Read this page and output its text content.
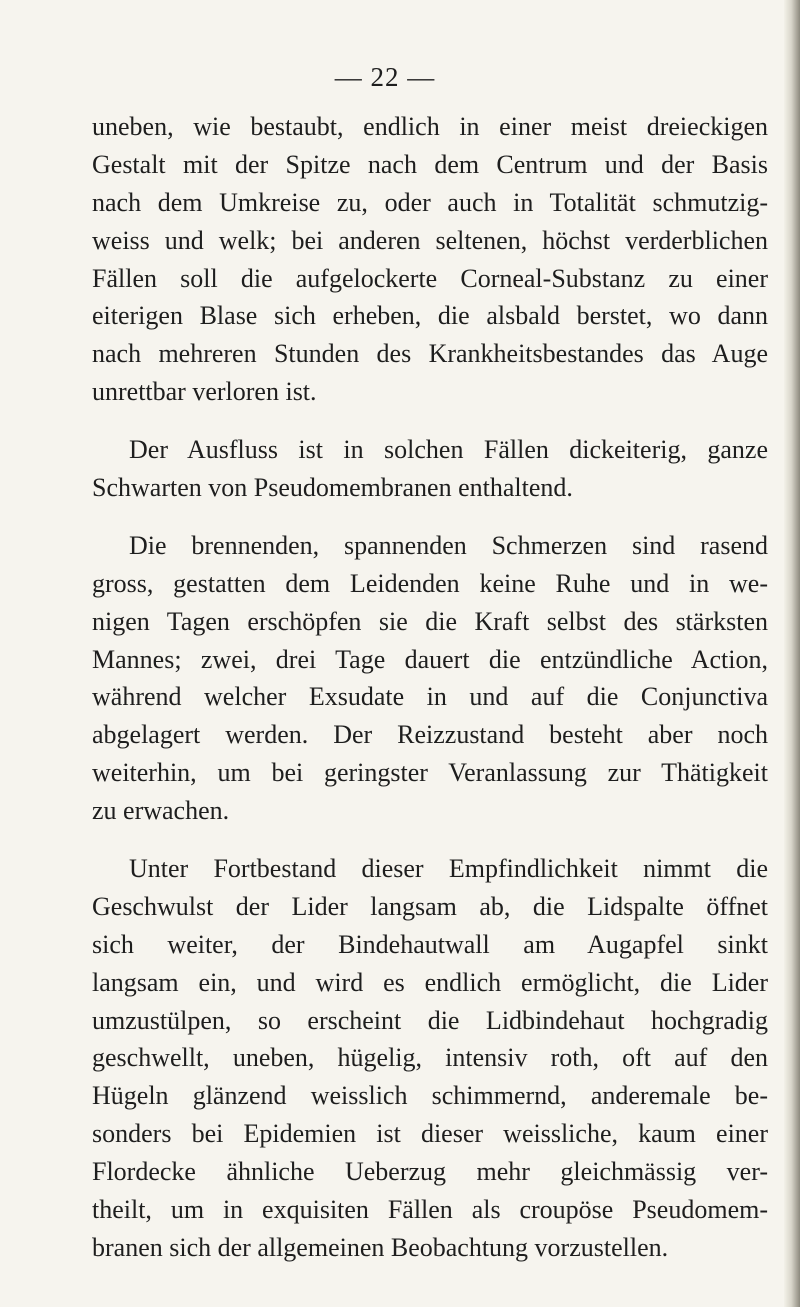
— 22 —
uneben, wie bestaubt, endlich in einer meist dreieckigen
Gestalt mit der Spitze nach dem Centrum und der Basis
nach dem Umkreise zu, oder auch in Totalität schmutzig-
weiss und welk; bei anderen seltenen, höchst verderblichen
Fällen soll die aufgelockerte Corneal-Substanz zu einer
eiterigen Blase sich erheben, die alsbald berstet, wo dann
nach mehreren Stunden des Krankheitsbestandes das Auge
unrettbar verloren ist.
Der Ausfluss ist in solchen Fällen dickeiterig, ganze
Schwarten von Pseudomembranen enthaltend.
Die brennenden, spannenden Schmerzen sind rasend
gross, gestatten dem Leidenden keine Ruhe und in we-
nigen Tagen erschöpfen sie die Kraft selbst des stärksten
Mannes; zwei, drei Tage dauert die entzündliche Action,
während welcher Exsudate in und auf die Conjunctiva
abgelagert werden. Der Reizzustand besteht aber noch
weiterhin, um bei geringster Veranlassung zur Thätigkeit
zu erwachen.
Unter Fortbestand dieser Empfindlichkeit nimmt die
Geschwulst der Lider langsam ab, die Lidspalte öffnet
sich weiter, der Bindehautwall am Augapfel sinkt
langsam ein, und wird es endlich ermöglicht, die Lider
umzustülpen, so erscheint die Lidbindehaut hochgradig
geschwellt, uneben, hügelig, intensiv roth, oft auf den
Hügeln glänzend weisslich schimmernd, anderemale be-
sonders bei Epidemien ist dieser weissliche, kaum einer
Flordecke ähnliche Ueberzug mehr gleichmässig ver-
theilt, um in exquisiten Fällen als croupöse Pseudomem-
branen sich der allgemeinen Beobachtung vorzustellen.
